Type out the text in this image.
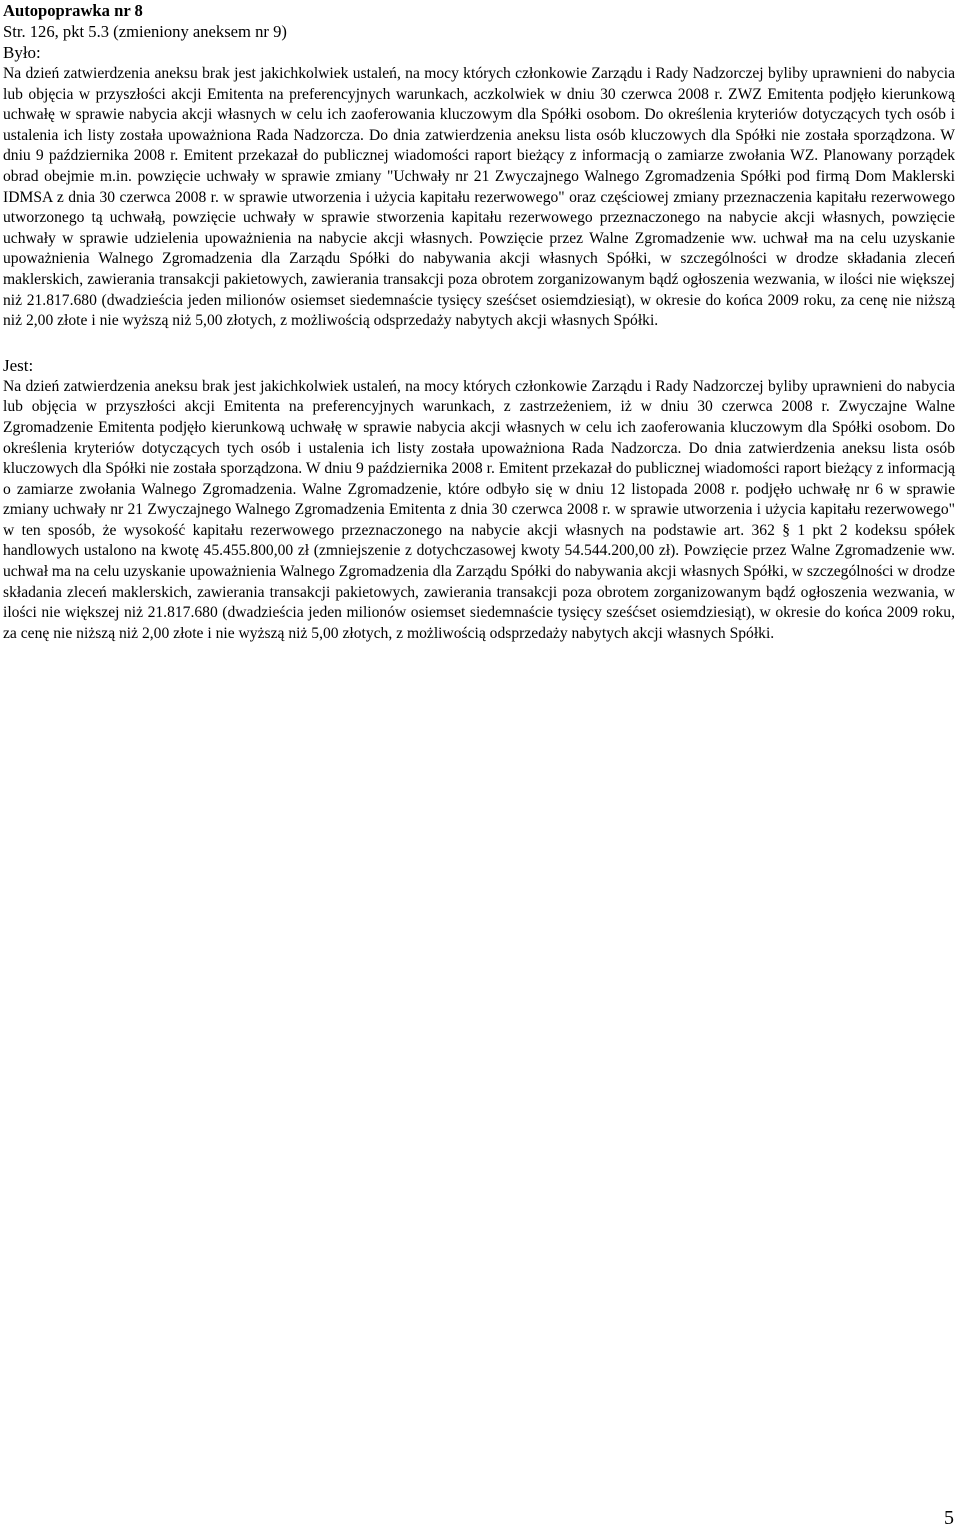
Autopoprawka nr 8

Str. 126, pkt 5.3 (zmieniony aneksem nr 9)

Było:

Na dzień zatwierdzenia aneksu brak jest jakichkolwiek ustaleń, na mocy których członkowie Zarządu i Rady Nadzorczej byliby uprawnieni do nabycia lub objęcia w przyszłości akcji Emitenta na preferencyjnych warunkach, aczkolwiek w dniu 30 czerwca 2008 r. ZWZ Emitenta podjęło kierunkową uchwałę w sprawie nabycia akcji własnych w celu ich zaoferowania kluczowym dla Spółki osobom. Do określenia kryteriów dotyczących tych osób i ustalenia ich listy została upoważniona Rada Nadzorcza. Do dnia zatwierdzenia aneksu lista osób kluczowych dla Spółki nie została sporządzona. W dniu 9 października 2008 r. Emitent przekazał do publicznej wiadomości raport bieżący z informacją o zamiarze zwołania WZ. Planowany porządek obrad obejmie m.in. powzięcie uchwały w sprawie zmiany "Uchwały nr 21 Zwyczajnego Walnego Zgromadzenia Spółki pod firmą Dom Maklerski IDMSA z dnia 30 czerwca 2008 r. w sprawie utworzenia i użycia kapitału rezerwowego" oraz częściowej zmiany przeznaczenia kapitału rezerwowego utworzonego tą uchwałą, powzięcie uchwały w sprawie stworzenia kapitału rezerwowego przeznaczonego na nabycie akcji własnych, powzięcie uchwały w sprawie udzielenia upoważnienia na nabycie akcji własnych. Powzięcie przez Walne Zgromadzenie ww. uchwał ma na celu uzyskanie upoważnienia Walnego Zgromadzenia dla Zarządu Spółki do nabywania akcji własnych Spółki, w szczególności w drodze składania zleceń maklerskich, zawierania transakcji pakietowych, zawierania transakcji poza obrotem zorganizowanym bądź ogłoszenia wezwania, w ilości nie większej niż 21.817.680 (dwadzieścia jeden milionów osiemset siedemnaście tysięcy sześćset osiemdziesiąt), w okresie do końca 2009 roku, za cenę nie niższą niż 2,00 złote i nie wyższą niż 5,00 złotych, z możliwością odsprzedaży nabytych akcji własnych Spółki.

Jest:

Na dzień zatwierdzenia aneksu brak jest jakichkolwiek ustaleń, na mocy których członkowie Zarządu i Rady Nadzorczej byliby uprawnieni do nabycia lub objęcia w przyszłości akcji Emitenta na preferencyjnych warunkach, z zastrzeżeniem, iż w dniu 30 czerwca 2008 r. Zwyczajne Walne Zgromadzenie Emitenta podjęło kierunkową uchwałę w sprawie nabycia akcji własnych w celu ich zaoferowania kluczowym dla Spółki osobom. Do określenia kryteriów dotyczących tych osób i ustalenia ich listy została upoważniona Rada Nadzorcza. Do dnia zatwierdzenia aneksu lista osób kluczowych dla Spółki nie została sporządzona. W dniu 9 października 2008 r. Emitent przekazał do publicznej wiadomości raport bieżący z informacją o zamiarze zwołania Walnego Zgromadzenia. Walne Zgromadzenie, które odbyło się w dniu 12 listopada 2008 r. podjęło uchwałę nr 6 w sprawie zmiany uchwały nr 21 Zwyczajnego Walnego Zgromadzenia Emitenta z dnia 30 czerwca 2008 r. w sprawie utworzenia i użycia kapitału rezerwowego" w ten sposób, że wysokość kapitału rezerwowego przeznaczonego na nabycie akcji własnych na podstawie art. 362 § 1 pkt 2 kodeksu spółek handlowych ustalono na kwotę 45.455.800,00 zł (zmniejszenie z dotychczasowej kwoty 54.544.200,00 zł). Powzięcie przez Walne Zgromadzenie ww. uchwał ma na celu uzyskanie upoważnienia Walnego Zgromadzenia dla Zarządu Spółki do nabywania akcji własnych Spółki, w szczególności w drodze składania zleceń maklerskich, zawierania transakcji pakietowych, zawierania transakcji poza obrotem zorganizowanym bądź ogłoszenia wezwania, w ilości nie większej niż 21.817.680 (dwadzieścia jeden milionów osiemset siedemnaście tysięcy sześćset osiemdziesiąt), w okresie do końca 2009 roku, za cenę nie niższą niż 2,00 złote i nie wyższą niż 5,00 złotych, z możliwością odsprzedaży nabytych akcji własnych Spółki.

5
